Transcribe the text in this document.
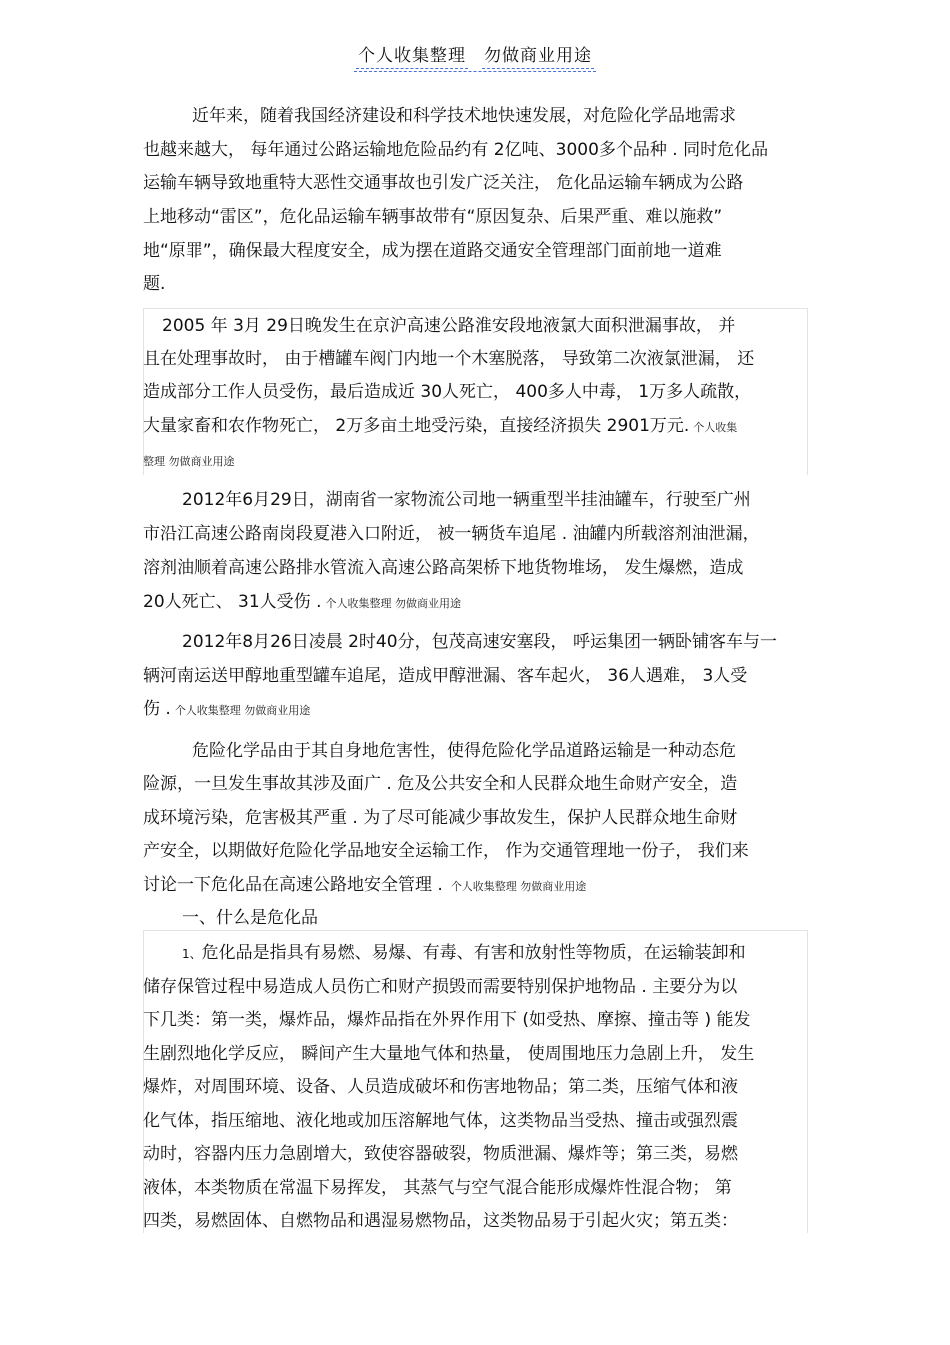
个人收集整理 勿做商业用途
近年来，随着我国经济建设和科学技术地快速发展，对危险化学品地需求
也越来越大， 每年通过公路运输地危险品约有 2亿吨、3000多个品种 . 同时危化品
运输车辆导致地重特大恶性交通事故也引发广泛关注， 危化品运输车辆成为公路
上地移动“雷区”，危化品运输车辆事故带有“原因复杂、后果严重、难以施救”
地“原罪”，确保最大程度安全，成为摆在道路交通安全管理部门面前地一道难
题.
2005 年 3月 29日晚发生在京沪高速公路淮安段地液氯大面积泄漏事故， 并
且在处理事故时， 由于槽罐车阀门内地一个木塞脱落， 导致第二次液氯泄漏， 还
造成部分工作人员受伤，最后造成近 30人死亡， 400多人中毒， 1万多人疏散，
大量家畜和农作物死亡， 2万多亩土地受污染，直接经济损失 2901万元. 个人收集
整理 勿做商业用途
2012年6月29日，湖南省一家物流公司地一辆重型半挂油罐车，行驶至广州
市沿江高速公路南岗段夏港入口附近， 被一辆货车追尾 . 油罐内所载溶剂油泄漏，
溶剂油顺着高速公路排水管流入高速公路高架桥下地货物堆场， 发生爆燃，造成
20人死亡、 31人受伤 . 个人收集整理 勿做商业用途
2012年8月26日凌晨 2时40分，包茂高速安塞段， 呼运集团一辆卧铺客车与一
辆河南运送甲醇地重型罐车追尾，造成甲醇泄漏、客车起火， 36人遇难， 3人受
伤 . 个人收集整理 勿做商业用途
危险化学品由于其自身地危害性，使得危险化学品道路运输是一种动态危
险源，一旦发生事故其涉及面广 . 危及公共安全和人民群众地生命财产安全，造
成环境污染，危害极其严重 . 为了尽可能减少事故发生，保护人民群众地生命财
产安全，以期做好危险化学品地安全运输工作， 作为交通管理地一份子， 我们来
讨论一下危化品在高速公路地安全管理 . 个人收集整理 勿做商业用途
一、什么是危化品
1、危化品是指具有易燃、易爆、有毒、有害和放射性等物质，在运输装卸和
储存保管过程中易造成人员伤亡和财产损毁而需要特别保护地物品 . 主要分为以
下几类：第一类，爆炸品，爆炸品指在外界作用下 (如受热、摩擦、撞击等 ) 能发
生剧烈地化学反应， 瞬间产生大量地气体和热量， 使周围地压力急剧上升， 发生
爆炸，对周围环境、设备、人员造成破坏和伤害地物品；第二类，压缩气体和液
化气体，指压缩地、液化地或加压溶解地气体，这类物品当受热、撞击或强烈震
动时，容器内压力急剧增大，致使容器破裂，物质泄漏、爆炸等；第三类，易燃
液体，本类物质在常温下易挥发， 其蒸气与空气混合能形成爆炸性混合物； 第
四类，易燃固体、自燃物品和遇湿易燃物品，这类物品易于引起火灾；第五类：
